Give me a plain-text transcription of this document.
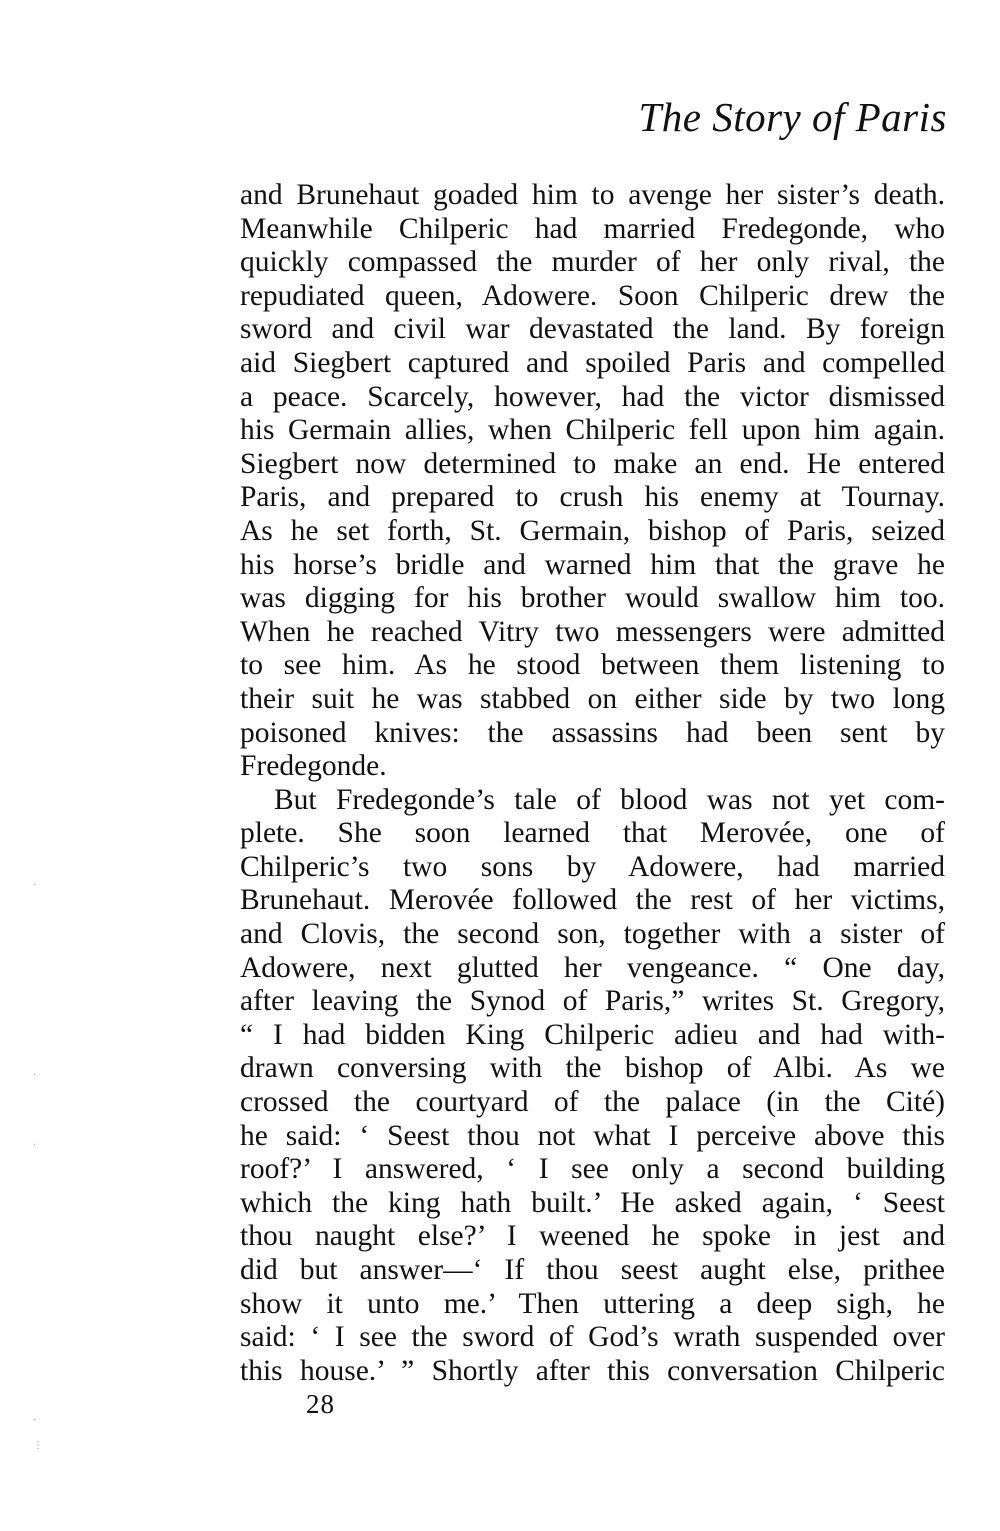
The Story of Paris
and Brunehaut goaded him to avenge her sister’s death.
Meanwhile Chilperic had married Fredegonde, who
quickly compassed the murder of her only rival, the
repudiated queen, Adowere. Soon Chilperic drew the
sword and civil war devastated the land. By foreign
aid Siegbert captured and spoiled Paris and compelled
a peace. Scarcely, however, had the victor dismissed
his Germain allies, when Chilperic fell upon him again.
Siegbert now determined to make an end. He entered
Paris, and prepared to crush his enemy at Tournay.
As he set forth, St. Germain, bishop of Paris, seized
his horse’s bridle and warned him that the grave he
was digging for his brother would swallow him too.
When he reached Vitry two messengers were admitted
to see him. As he stood between them listening to
their suit he was stabbed on either side by two long
poisoned knives: the assassins had been sent by
Fredegonde.
But Fredegonde’s tale of blood was not yet com-
plete. She soon learned that Merovée, one of
Chilperic’s two sons by Adowere, had married
Brunehaut. Merovée followed the rest of her victims,
and Clovis, the second son, together with a sister of
Adowere, next glutted her vengeance. “ One day,
after leaving the Synod of Paris,” writes St. Gregory,
“ I had bidden King Chilperic adieu and had with-
drawn conversing with the bishop of Albi. As we
crossed the courtyard of the palace (in the Cité)
he said: ‘ Seest thou not what I perceive above this
roof?’ I answered, ‘ I see only a second building
which the king hath built.’ He asked again, ‘ Seest
thou naught else?’ I weened he spoke in jest and
did but answer—‘ If thou seest aught else, prithee
show it unto me.’ Then uttering a deep sigh, he
said: ‘ I see the sword of God’s wrath suspended over
this house.’ ” Shortly after this conversation Chilperic
28
·
·
·
·
⋮
